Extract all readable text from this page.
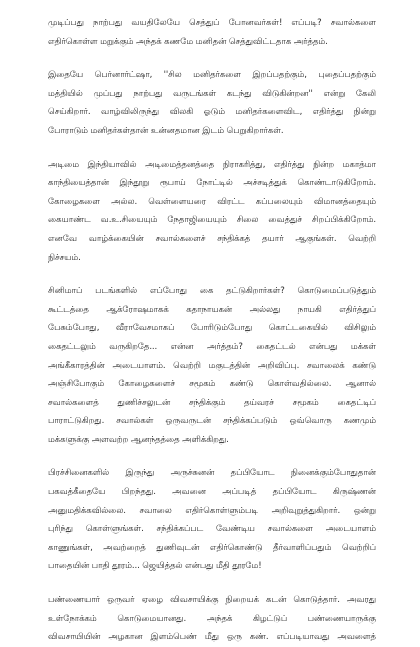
முடிப்பது நாற்பது வயதிலேயே செத்துப் போனவர்கள்! எப்படி? சவால்களை
எதிர்கொள்ள மறுக்கும் அந்தக் கணமே மனிதன் செத்துவிட்டதாக அர்த்தம்.
இதையே பெர்னார்ட்ஷா, ''சில மனிதர்களை இறப்பதற்கும், புதைப்பதற்கும்
மத்தியில் முப்பது நாற்பது வருடங்கள் கடந்து விடுகின்றன'' என்று கேலி
செய்கிறார். வாழ்விலிருந்து விலகி ஓடும் மனிதர்களைவிட, எதிர்த்து நின்று
போராடும் மனிதர்கள்தான் உன்னதமான இடம் பெறுகிறார்கள்.
அடிமை இந்தியாவில் அடிமைத்தனத்தை நிராகரித்து, எதிர்த்து நின்ற மகாத்மா
காந்தியைத்தான் இந்தூறு ரூபாய் நோட்டில் அச்சடித்துக் கொண்டாடுகிறோம்.
கோழைகளை அல்ல. வெள்ளையரை விரட்ட கப்பலையும் விமானத்தையும்
கையாண்ட வ.உ.சியையும் நேதாஜியையும் சிலை வைத்துச் சிறப்பிக்கிறோம்.
எனவே வாழ்க்கையின் சவால்களைச் சந்திக்கத் தயார் ஆகுங்கள். வெற்றி
நிச்சயம்.
சினிமாப் படங்களில் எப்போது கை தட்டுகிறார்கள்? கொடுமைப்படுத்தும்
கூட்டத்தை ஆக்ரோஷமாகக் கதாநாயகன் அல்லது நாயகி எதிர்த்துப்
பேசும்போது, வீராவேசமாகப் போரிடும்போது கொட்டகையில் விசிலும்
கைதட்டலும் வருகிறதே... என்ன அர்த்தம்? கைதட்டல் என்பது மக்கள்
அங்கீகாரத்தின் அடையாளம். வெற்றி மகுடத்தின் அறிவிப்பு. சவாலைக் கண்டு
அஞ்சிபோகும் கோழைகளைச் சமூகம் கண்டு கொள்வதில்லை. ஆனால்
சவால்களைத் துணிச்சலுடன் சந்திக்கும் தய்வரச் சமூகம் கைதட்டிப்
பாராட்டுகிறது. சவால்கள் ஒருவருடன் சந்திக்கப்படும் ஒவ்வொரு கணமும்
மக்களுக்கு அளவற்ற ஆனந்தத்தை அளிக்கிறது.
பிரச்சினைகளில் இருந்து அருச்சுனன் தப்பியோட நினைக்கும்போதுதான்
பகவத்கீதையே பிறந்தது. அவனை அப்படித் தப்பியோட கிருஷ்ணன்
அனுமதிக்கவில்லை. சவாலை எதிர்கொள்ளும்படி அறிவுறுத்துகிறார். ஒன்று
புரிந்து கொள்ளுங்கள். சந்திக்கப்பட வேண்டிய சவால்களை அடையாளம்
காணுங்கள், அவற்றைத் துணிவுடன் எதிர்கொண்டு தீர்வாளிப்பதும் வெற்றிப்
பாதையின் பாதி தூரம்... ஜெயித்தல் என்பது மீதி தூரமே!
பண்ணையார் ஒருவர் ஏழை விவசாயிக்கு நிறையக் கடன் கொடுத்தார். அவரது
உள்நோக்கம் கொடுமையானது. அந்தக் கிழட்டுப் பண்ணையாருக்கு
விவசாயியின் அழகான இளம்பெண் மீது ஒரு கண். எப்படியாவது அவளைத்
